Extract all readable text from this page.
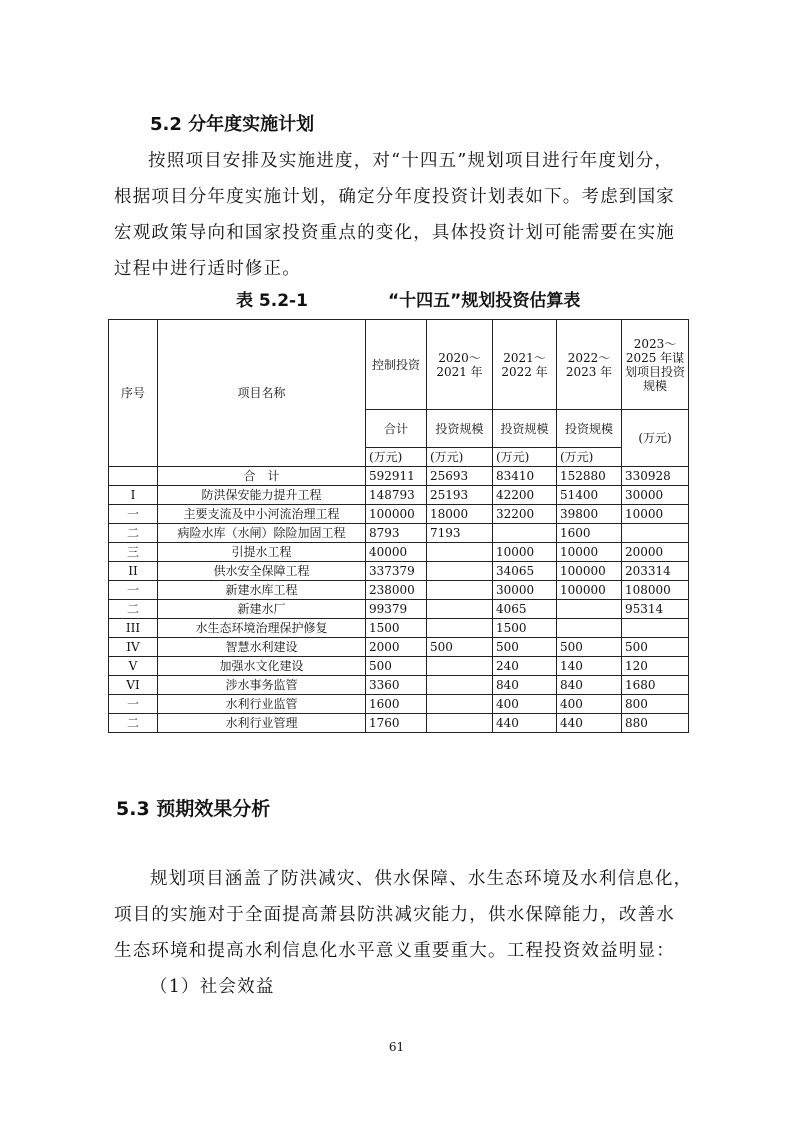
5.2 分年度实施计划
按照项目安排及实施进度，对“十四五”规划项目进行年度划分，
根据项目分年度实施计划，确定分年度投资计划表如下。考虑到国家
宏观政策导向和国家投资重点的变化，具体投资计划可能需要在实施
过程中进行适时修正。
表 5.2-1	“十四五”规划投资估算表
序号	项目名称	控制投资	2020～2021 年	2021～2022 年	2022～2023 年	2023～2025 年谋划项目投资规模
		合计	投资规模	投资规模	投资规模	(万元)
		(万元)	(万元)	(万元)	(万元)	
	合　计	592911	25693	83410	152880	330928
I	防洪保安能力提升工程	148793	25193	42200	51400	30000
一	主要支流及中小河流治理工程	100000	18000	32200	39800	10000
二	病险水库（水闸）除险加固工程	8793	7193		1600	
三	引提水工程	40000		10000	10000	20000
II	供水安全保障工程	337379		34065	100000	203314
一	新建水库工程	238000		30000	100000	108000
二	新建水厂	99379		4065		95314
III	水生态环境治理保护修复	1500		1500		
IV	智慧水利建设	2000	500	500	500	500
V	加强水文化建设	500		240	140	120
VI	涉水事务监管	3360		840	840	1680
一	水利行业监管	1600		400	400	800
二	水利行业管理	1760		440	440	880
5.3 预期效果分析
规划项目涵盖了防洪减灾、供水保障、水生态环境及水利信息化，
项目的实施对于全面提高萧县防洪减灾能力，供水保障能力，改善水
生态环境和提高水利信息化水平意义重要重大。工程投资效益明显：
（1）社会效益
61
